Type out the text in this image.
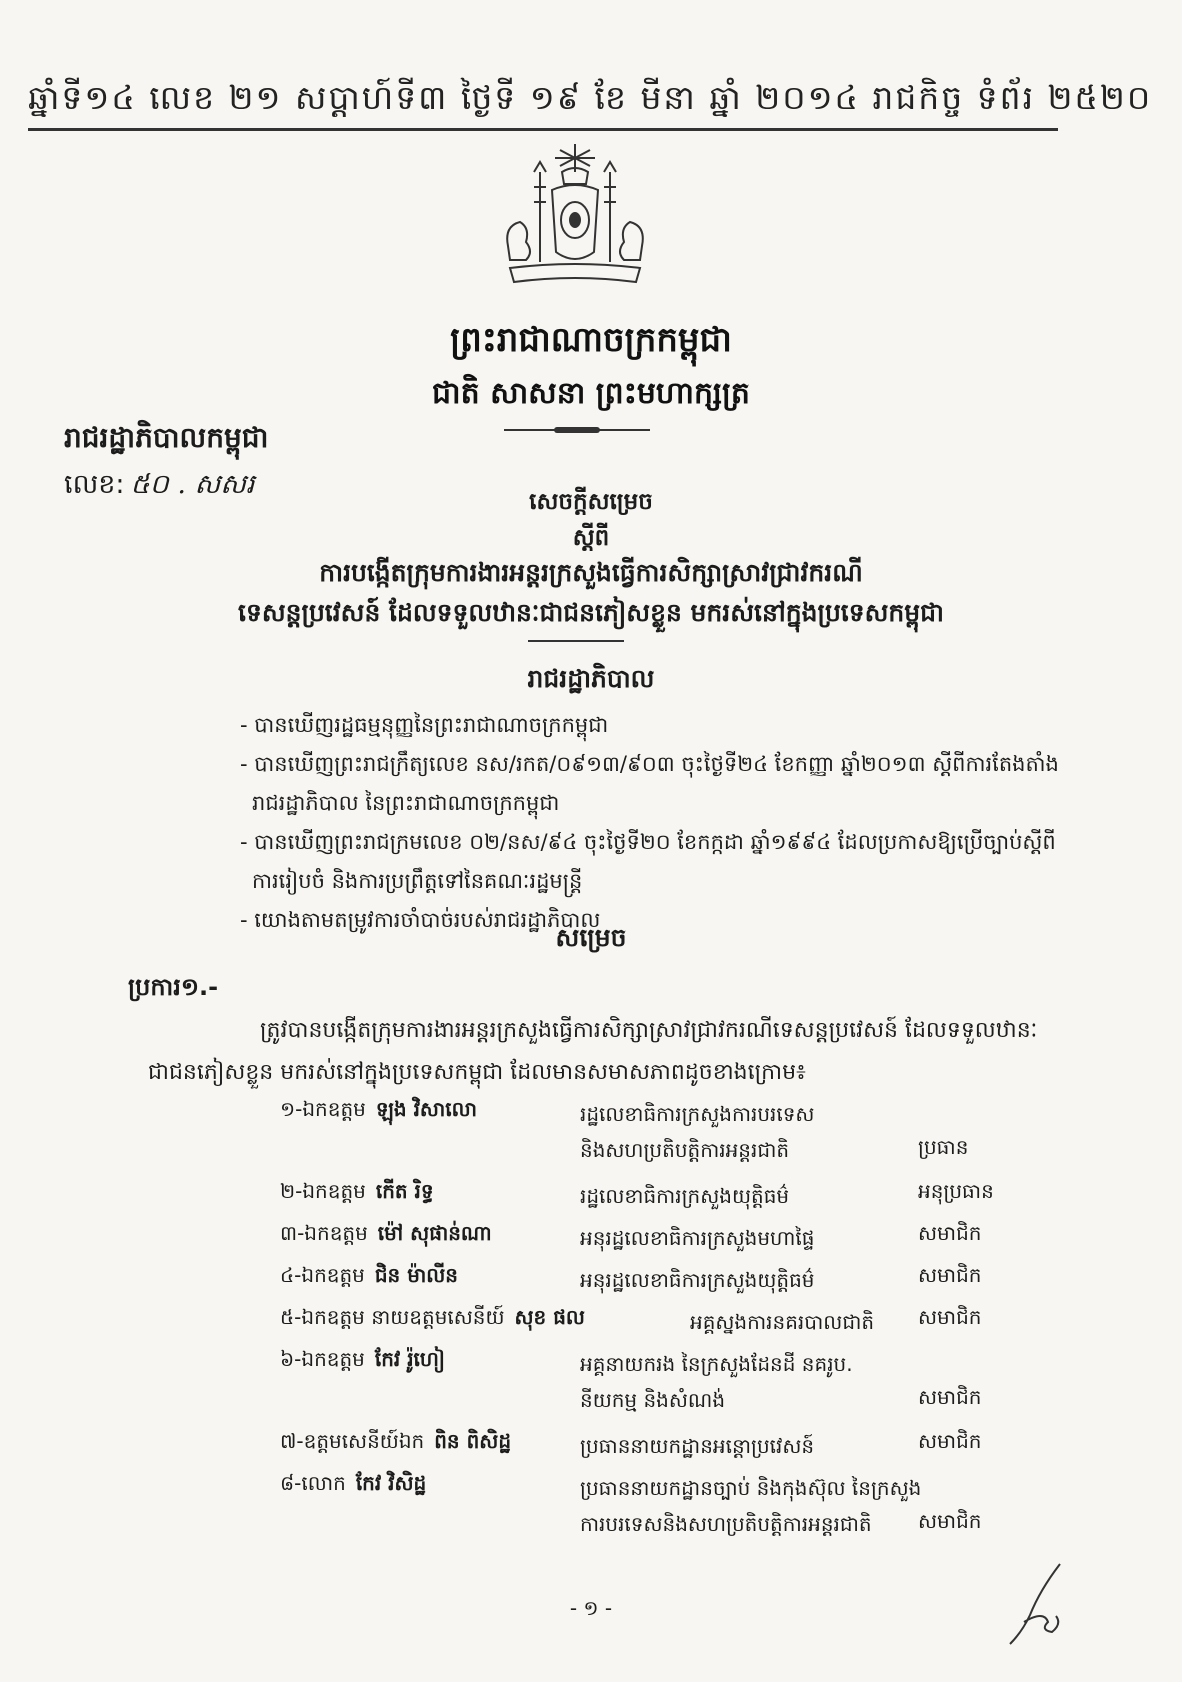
ឆ្នាំទី១៤ លេខ ២១ សប្តាហ៍ទី៣ ថ្ងៃទី ១៩ ខែ មីនា ឆ្នាំ ២០១៤ រាជកិច្ច ទំព័រ ២៥២០
ព្រះរាជាណាចក្រកម្ពុជា
ជាតិ សាសនា ព្រះមហាក្សត្រ
រាជរដ្ឋាភិបាលកម្ពុជា
លេខ: ៥០ . សសរ
សេចក្តីសម្រេច
ស្តីពី
ការបង្កើតក្រុមការងារអន្តរក្រសួងធ្វើការសិក្សាស្រាវជ្រាវករណី
ទេសន្តប្រវេសន៍ ដែលទទួលឋានៈជាជនភៀសខ្លួន មករស់នៅក្នុងប្រទេសកម្ពុជា
រាជរដ្ឋាភិបាល
- បានឃើញរដ្ឋធម្មនុញ្ញនៃព្រះរាជាណាចក្រកម្ពុជា
- បានឃើញព្រះរាជក្រឹត្យលេខ នស/រកត/០៩១៣/៩០៣ ចុះថ្ងៃទី២៤ ខែកញ្ញា ឆ្នាំ២០១៣ ស្តីពីការតែងតាំង
រាជរដ្ឋាភិបាល នៃព្រះរាជាណាចក្រកម្ពុជា
- បានឃើញព្រះរាជក្រមលេខ ០២/នស/៩៤ ចុះថ្ងៃទី២០ ខែកក្កដា ឆ្នាំ១៩៩៤ ដែលប្រកាសឱ្យប្រើច្បាប់ស្តីពី
ការរៀបចំ និងការប្រព្រឹត្តទៅនៃគណៈរដ្ឋមន្ត្រី
- យោងតាមតម្រូវការចាំបាច់របស់រាជរដ្ឋាភិបាល
សម្រេច
ប្រការ១.-
ត្រូវបានបង្កើតក្រុមការងារអន្តរក្រសួងធ្វើការសិក្សាស្រាវជ្រាវករណីទេសន្តប្រវេសន៍ ដែលទទួលឋានៈជាជនភៀសខ្លួន មករស់នៅក្នុងប្រទេសកម្ពុជា ដែលមានសមាសភាពដូចខាងក្រោម៖
១-ឯកឧត្តម ឡុង វិសាលោ	រដ្ឋលេខាធិការក្រសួងការបរទេស
និងសហប្រតិបត្តិការអន្តរជាតិ	ប្រធាន
២-ឯកឧត្តម កើត រិទ្ធ	រដ្ឋលេខាធិការក្រសួងយុត្តិធម៌	អនុប្រធាន
៣-ឯកឧត្តម ម៉ៅ សុផាន់ណា	អនុរដ្ឋលេខាធិការក្រសួងមហាផ្ទៃ	សមាជិក
៤-ឯកឧត្តម ជិន ម៉ាលីន	អនុរដ្ឋលេខាធិការក្រសួងយុត្តិធម៌	សមាជិក
៥-ឯកឧត្តម នាយឧត្តមសេនីយ៍ សុខ ផល	អគ្គស្នងការនគរបាលជាតិ សមាជិក
៦-ឯកឧត្តម កែវ រ៉ូហៀ	អគ្គនាយករង នៃក្រសួងដែនដី នគរូប.
នីយកម្ម និងសំណង់	សមាជិក
៧-ឧត្តមសេនីយ៍ឯក ពិន ពិសិដ្ឋ	ប្រធាននាយកដ្ឋានអន្តោប្រវេសន៍	សមាជិក
៨-លោក កែវ វិសិដ្ឋ	ប្រធាននាយកដ្ឋានច្បាប់ និងកុងស៊ុល នៃក្រសួង
ការបរទេសនិងសហប្រតិបត្តិការអន្តរជាតិ	សមាជិក
- ១ -
